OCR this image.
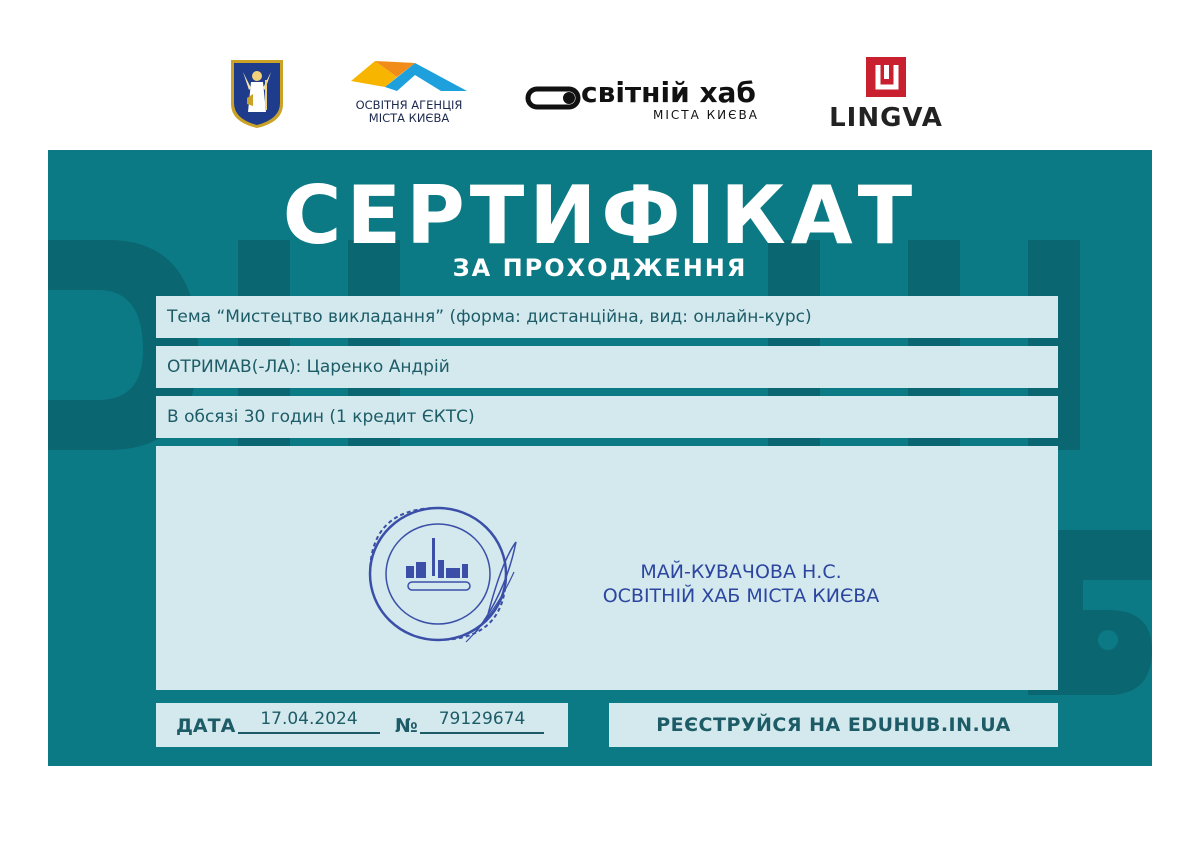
ОСВІТНЯ АГЕНЦІЯ
МІСТА КИЄВА
світній хаб
МІСТА КИЄВА	LINGVA
СЕРТИФІКАТ
ЗА ПРОХОДЖЕННЯ
Тема “Мистецтво викладання” (форма: дистанційна, вид: онлайн-курс)
ОТРИМАВ(-ЛА): Царенко Андрій
В обсязі 30 годин (1 кредит ЄКТС)
МАЙ-КУВАЧОВА Н.С.
ОСВІТНІЙ ХАБ МІСТА КИЄВА
ДАТА	17.04.2024	№	79129674	РЕЄСТРУЙСЯ НА EDUHUB.IN.UA
